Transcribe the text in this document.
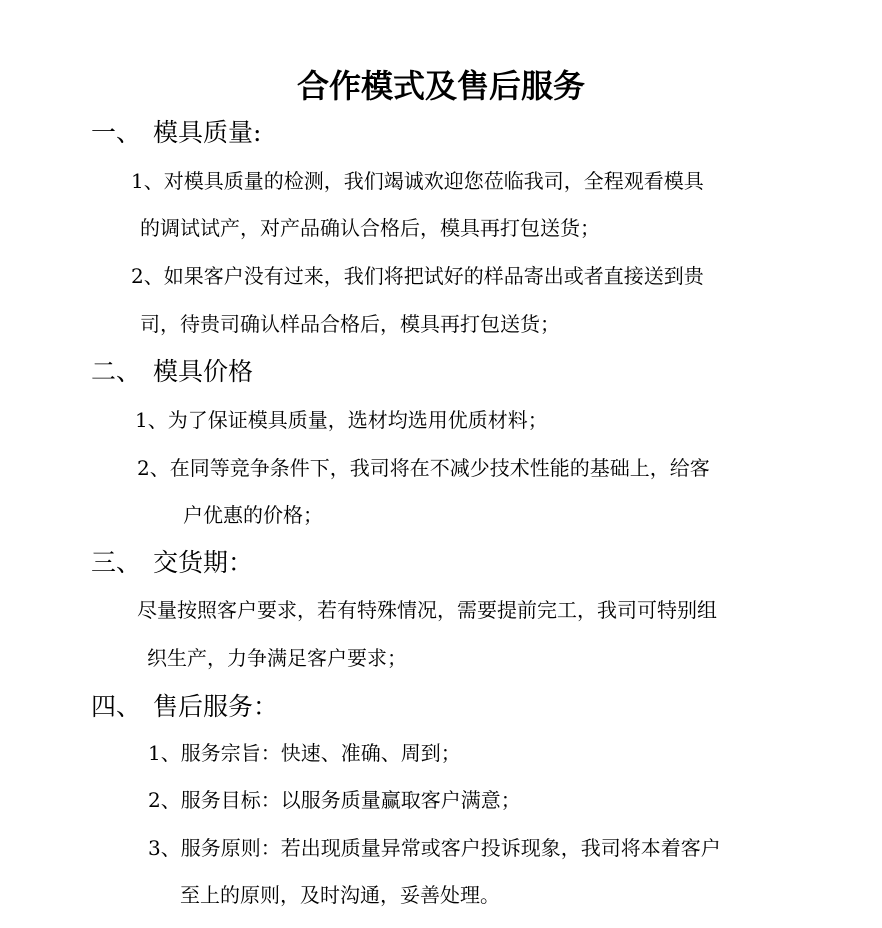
合作模式及售后服务
一、 模具质量:
1、对模具质量的检测，我们竭诚欢迎您莅临我司，全程观看模具
的调试试产，对产品确认合格后，模具再打包送货；
2、如果客户没有过来，我们将把试好的样品寄出或者直接送到贵
司，待贵司确认样品合格后，模具再打包送货；
二、 模具价格
1、为了保证模具质量，选材均选用优质材料；
2、在同等竞争条件下，我司将在不减少技术性能的基础上，给客
户优惠的价格；
三、 交货期：
尽量按照客户要求，若有特殊情况，需要提前完工，我司可特别组
织生产，力争满足客户要求；
四、 售后服务：
1、服务宗旨：快速、准确、周到；
2、服务目标：以服务质量赢取客户满意；
3、服务原则：若出现质量异常或客户投诉现象，我司将本着客户
至上的原则，及时沟通，妥善处理。
